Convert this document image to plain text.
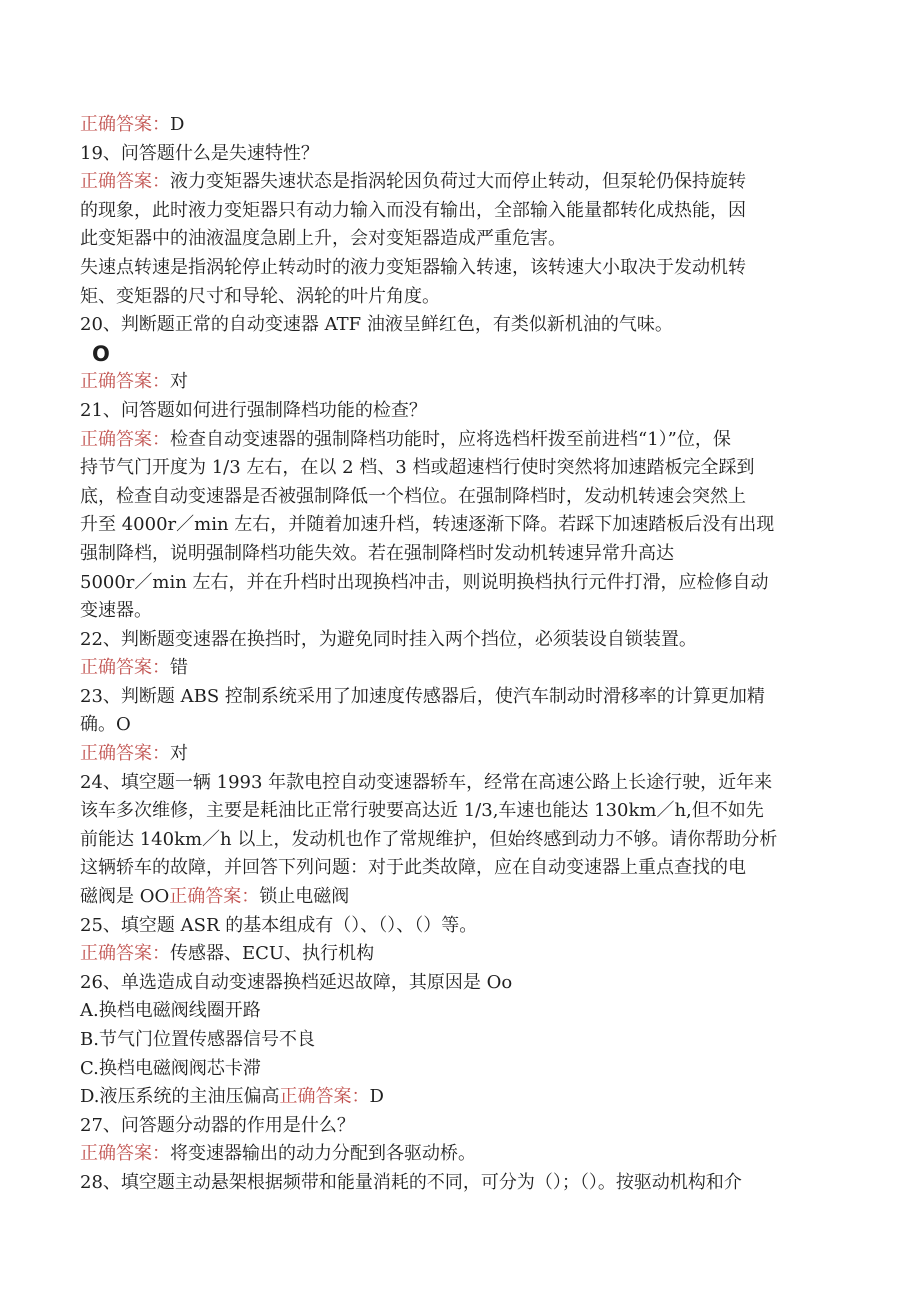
正确答案：D
19、问答题什么是失速特性？
正确答案：液力变矩器失速状态是指涡轮因负荷过大而停止转动，但泵轮仍保持旋转
的现象，此时液力变矩器只有动力输入而没有输出，全部输入能量都转化成热能，因
此变矩器中的油液温度急剧上升，会对变矩器造成严重危害。
失速点转速是指涡轮停止转动时的液力变矩器输入转速，该转速大小取决于发动机转
矩、变矩器的尺寸和导轮、涡轮的叶片角度。
20、判断题正常的自动变速器 ATF 油液呈鲜红色，有类似新机油的气味。
O
正确答案：对
21、问答题如何进行强制降档功能的检查？
正确答案：检查自动变速器的强制降档功能时，应将选档杆拨至前进档“1）”位，保
持节气门开度为 1/3 左右，在以 2 档、3 档或超速档行使时突然将加速踏板完全踩到
底，检查自动变速器是否被强制降低一个档位。在强制降档时，发动机转速会突然上
升至 4000r／min 左右，并随着加速升档，转速逐渐下降。若踩下加速踏板后没有出现
强制降档，说明强制降档功能失效。若在强制降档时发动机转速异常升高达
5000r／min 左右，并在升档时出现换档冲击，则说明换档执行元件打滑，应检修自动
变速器。
22、判断题变速器在换挡时，为避免同时挂入两个挡位，必须装设自锁装置。
正确答案：错
23、判断题 ABS 控制系统采用了加速度传感器后，使汽车制动时滑移率的计算更加精
确。O
正确答案：对
24、填空题一辆 1993 年款电控自动变速器轿车，经常在高速公路上长途行驶，近年来
该车多次维修，主要是耗油比正常行驶要高达近 1/3,车速也能达 130km／h,但不如先
前能达 140km／h 以上，发动机也作了常规维护，但始终感到动力不够。请你帮助分析
这辆轿车的故障，并回答下列问题：对于此类故障，应在自动变速器上重点查找的电
磁阀是 OO正确答案：锁止电磁阀
25、填空题 ASR 的基本组成有（）、（）、（）等。
正确答案：传感器、ECU、执行机构
26、单选造成自动变速器换档延迟故障，其原因是 Oo
A.换档电磁阀线圈开路
B.节气门位置传感器信号不良
C.换档电磁阀阀芯卡滞
D.液压系统的主油压偏高正确答案：D
27、问答题分动器的作用是什么？
正确答案：将变速器输出的动力分配到各驱动桥。
28、填空题主动悬架根据频带和能量消耗的不同，可分为（）；（）。按驱动机构和介
